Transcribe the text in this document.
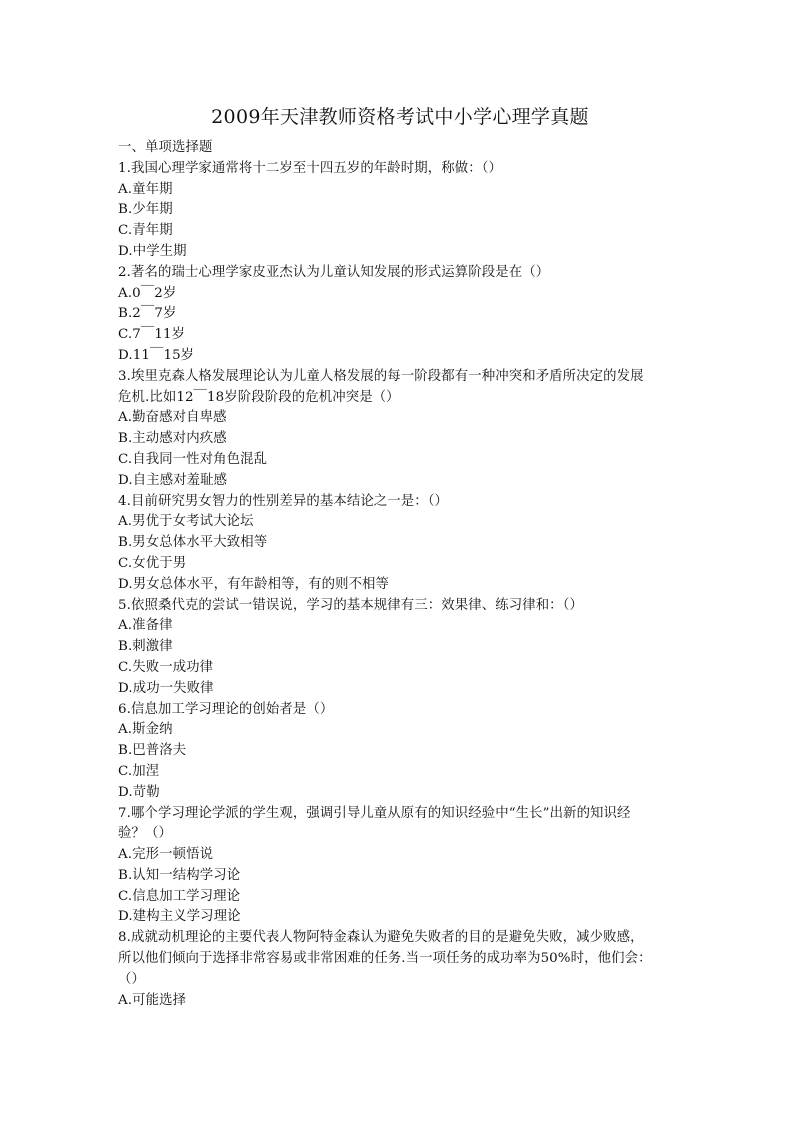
2009年天津教师资格考试中小学心理学真题
一、单项选择题
1.我国心理学家通常将十二岁至十四五岁的年龄时期，称做：（）
A.童年期
B.少年期
C.青年期
D.中学生期
2.著名的瑞士心理学家皮亚杰认为儿童认知发展的形式运算阶段是在（）
A.0￣2岁
B.2￣7岁
C.7￣11岁
D.11￣15岁
3.埃里克森人格发展理论认为儿童人格发展的每一阶段都有一种冲突和矛盾所决定的发展
危机.比如12￣18岁阶段阶段的危机冲突是（）
A.勤奋感对自卑感
B.主动感对内疚感
C.自我同一性对角色混乱
D.自主感对羞耻感
4.目前研究男女智力的性别差异的基本结论之一是：（）
A.男优于女考试大论坛
B.男女总体水平大致相等
C.女优于男
D.男女总体水平，有年龄相等，有的则不相等
5.依照桑代克的尝试一错误说，学习的基本规律有三：效果律、练习律和：（）
A.准备律
B.刺激律
C.失败一成功律
D.成功一失败律
6.信息加工学习理论的创始者是（）
A.斯金纳
B.巴普洛夫
C.加涅
D.苛勒
7.哪个学习理论学派的学生观，强调引导儿童从原有的知识经验中“生长”出新的知识经
验？（）
A.完形一顿悟说
B.认知一结构学习论
C.信息加工学习理论
D.建构主义学习理论
8.成就动机理论的主要代表人物阿特金森认为避免失败者的目的是避免失败，减少败感，
所以他们倾向于选择非常容易或非常困难的任务.当一项任务的成功率为50%时，他们会：
（）
A.可能选择
